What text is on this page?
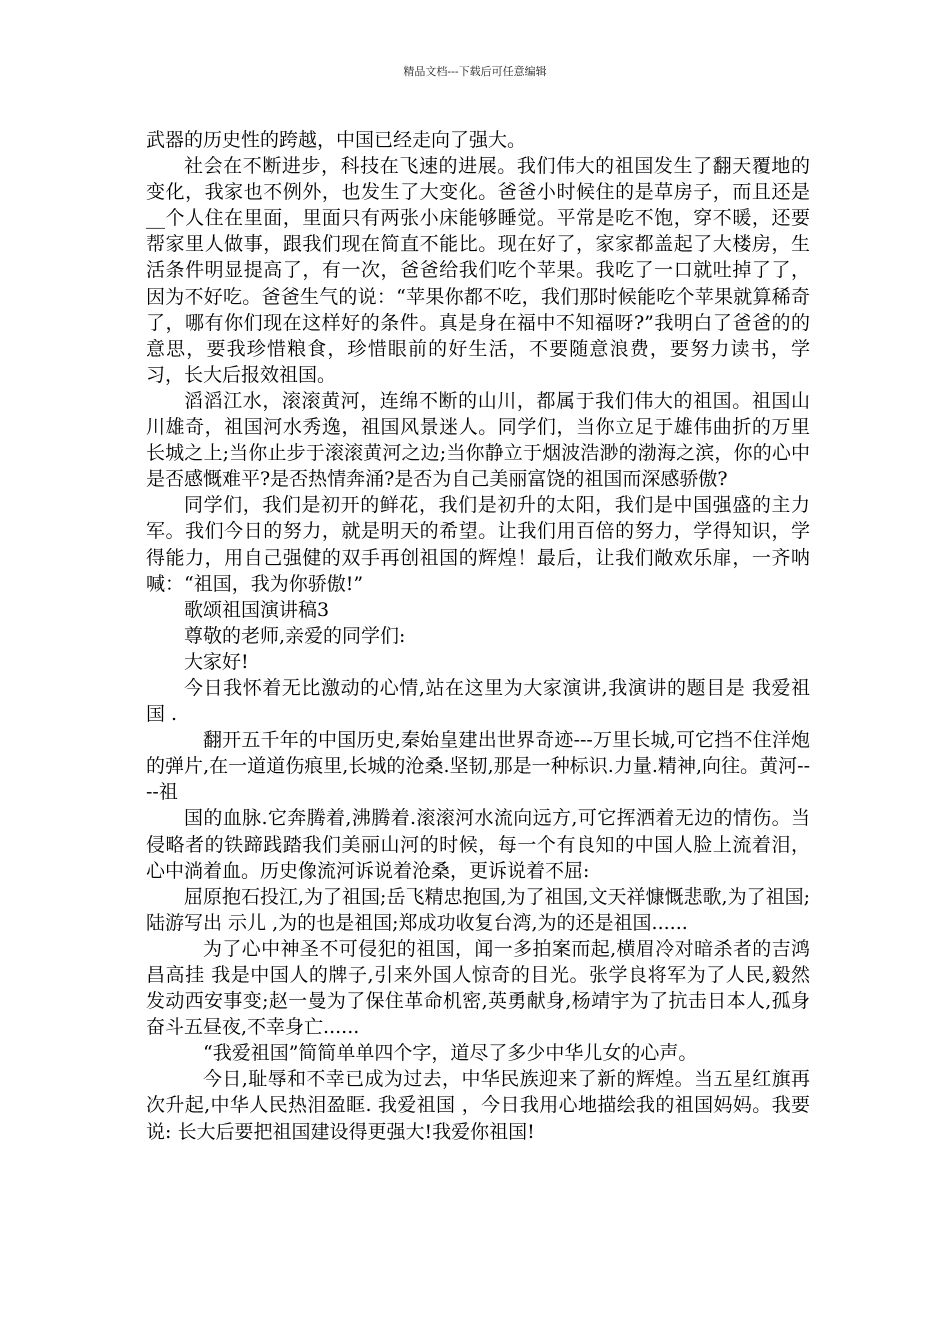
精品文档---下载后可任意编辑

武器的历史性的跨越，中国已经走向了强大。

社会在不断进步，科技在飞速的进展。我们伟大的祖国发生了翻天覆地的变化，我家也不例外，也发生了大变化。爸爸小时候住的是草房子，而且还是__个人住在里面，里面只有两张小床能够睡觉。平常是吃不饱，穿不暖，还要帮家里人做事，跟我们现在简直不能比。现在好了，家家都盖起了大楼房，生活条件明显提高了，有一次，爸爸给我们吃个苹果。我吃了一口就吐掉了了，因为不好吃。爸爸生气的说：“苹果你都不吃，我们那时候能吃个苹果就算稀奇了，哪有你们现在这样好的条件。真是身在福中不知福呀?”我明白了爸爸的的意思，要我珍惜粮食，珍惜眼前的好生活，不要随意浪费，要努力读书，学习，长大后报效祖国。

滔滔江水，滚滚黄河，连绵不断的山川，都属于我们伟大的祖国。祖国山川雄奇，祖国河水秀逸，祖国风景迷人。同学们，当你立足于雄伟曲折的万里长城之上;当你止步于滚滚黄河之边;当你静立于烟波浩渺的渤海之滨，你的心中是否感慨难平?是否热情奔涌?是否为自己美丽富饶的祖国而深感骄傲?

同学们，我们是初开的鲜花，我们是初升的太阳，我们是中国强盛的主力军。我们今日的努力，就是明天的希望。让我们用百倍的努力，学得知识，学得能力，用自己强健的双手再创祖国的辉煌！最后，让我们敞欢乐扉，一齐呐喊：“祖国，我为你骄傲!”

歌颂祖国演讲稿3

尊敬的老师,亲爱的同学们:

大家好!

今日我怀着无比激动的心情,站在这里为大家演讲,我演讲的题目是 我爱祖国 .

翻开五千年的中国历史,秦始皇建出世界奇迹---万里长城,可它挡不住洋炮的弹片,在一道道伤痕里,长城的沧桑.坚韧,那是一种标识.力量.精神,向往。黄河----祖

国的血脉.它奔腾着,沸腾着.滚滚河水流向远方,可它挥洒着无边的情伤。当侵略者的铁蹄践踏我们美丽山河的时候，每一个有良知的中国人脸上流着泪，心中淌着血。历史像流河诉说着沧桑，更诉说着不屈:

屈原抱石投江,为了祖国;岳飞精忠抱国,为了祖国,文天祥慷慨悲歌,为了祖国;陆游写出 示儿 ,为的也是祖国;郑成功收复台湾,为的还是祖国......

为了心中神圣不可侵犯的祖国，闻一多拍案而起,横眉冷对暗杀者的吉鸿昌高挂 我是中国人的牌子,引来外国人惊奇的目光。张学良将军为了人民,毅然发动西安事变;赵一曼为了保住革命机密,英勇献身,杨靖宇为了抗击日本人,孤身奋斗五昼夜,不幸身亡......

“我爱祖国”简简单单四个字，道尽了多少中华儿女的心声。

今日,耻辱和不幸已成为过去，中华民族迎来了新的辉煌。当五星红旗再次升起,中华人民热泪盈眶. 我爱祖国 ，今日我用心地描绘我的祖国妈妈。我要说: 长大后要把祖国建设得更强大!我爱你祖国!
